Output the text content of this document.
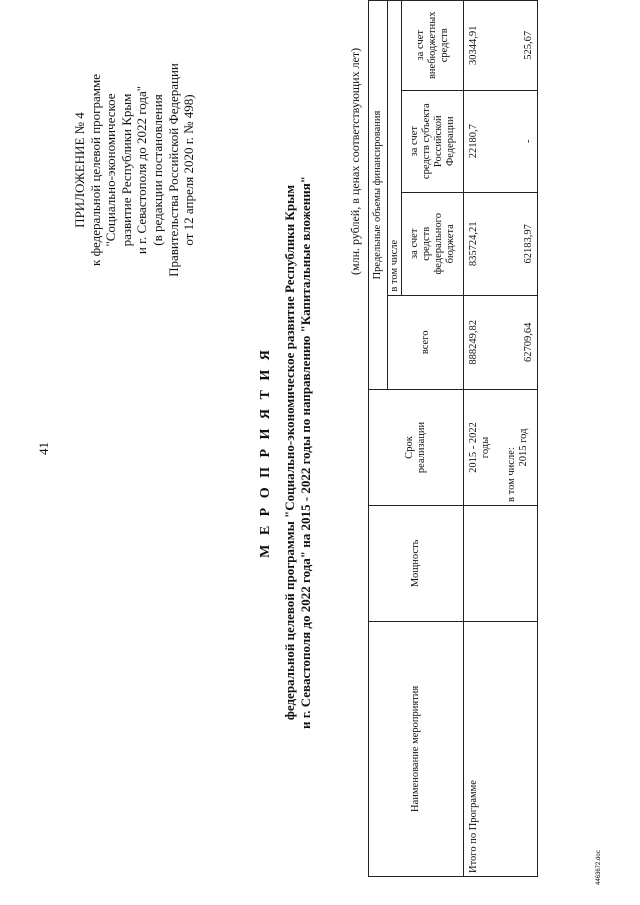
41
ПРИЛОЖЕНИЕ № 4 к федеральной целевой программе "Социально-экономическое развитие Республики Крым и г. Севастополя до 2022 года" (в редакции постановления Правительства Российской Федерации от 12 апреля 2020 г. № 498)
М Е Р О П Р И Я Т И Я федеральной целевой программы "Социально-экономическое развитие Республики Крым и г. Севастополя до 2022 года" на 2015 - 2022 годы по направлению "Капитальные вложения"
(млн. рублей, в ценах соответствующих лет)
Наименование мероприятия	Мощность	Срок реализации	Предельные объемы финансирования			
			всего	в том числе		

				за счет средств федерального бюджета	за счет средств субъекта Российской Федерации	за счет внебюджетных средств

Итого по Программе		2015 - 2022 годы	888249,82	835724,21	22180,7	30344,91

		в том числе: 2015 год	62709,64	62183,97	-	525,67
4463672.doc
